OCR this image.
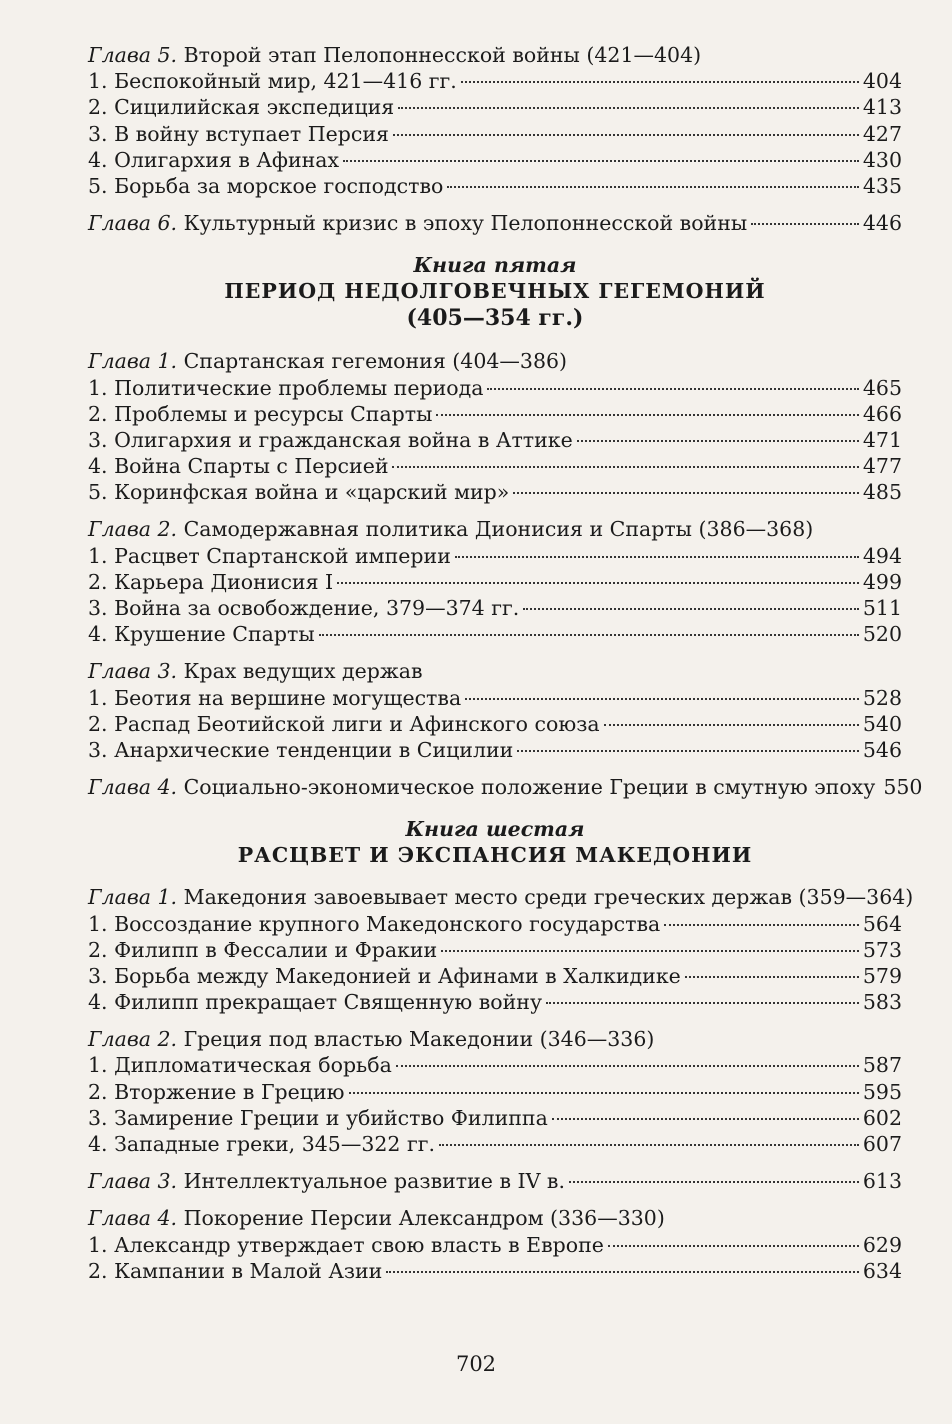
Глава 5. Второй этап Пелопоннесской войны (421—404)
1. Беспокойный мир, 421—416 гг.	404
2. Сицилийская экспедиция	413
3. В войну вступает Персия	427
4. Олигархия в Афинах	430
5. Борьба за морское господство	435
Глава 6. Культурный кризис в эпоху Пелопоннесской войны	446
Книга пятая
ПЕРИОД НЕДОЛГОВЕЧНЫХ ГЕГЕМОНИЙ
(405—354 гг.)
Глава 1. Спартанская гегемония (404—386)
1. Политические проблемы периода	465
2. Проблемы и ресурсы Спарты	466
3. Олигархия и гражданская война в Аттике	471
4. Война Спарты с Персией	477
5. Коринфская война и «царский мир»	485
Глава 2. Самодержавная политика Дионисия и Спарты (386—368)
1. Расцвет Спартанской империи	494
2. Карьера Дионисия I	499
3. Война за освобождение, 379—374 гг.	511
4. Крушение Спарты	520
Глава 3. Крах ведущих держав
1. Беотия на вершине могущества	528
2. Распад Беотийской лиги и Афинского союза	540
3. Анархические тенденции в Сицилии	546
Глава 4. Социально-экономическое положение Греции в смутную эпоху 550
Книга шестая
РАСЦВЕТ И ЭКСПАНСИЯ МАКЕДОНИИ
Глава 1. Македония завоевывает место среди греческих держав (359—364)
1. Воссоздание крупного Македонского государства	564
2. Филипп в Фессалии и Фракии	573
3. Борьба между Македонией и Афинами в Халкидике	579
4. Филипп прекращает Священную войну	583
Глава 2. Греция под властью Македонии (346—336)
1. Дипломатическая борьба	587
2. Вторжение в Грецию	595
3. Замирение Греции и убийство Филиппа	602
4. Западные греки, 345—322 гг.	607
Глава 3. Интеллектуальное развитие в IV в.	613
Глава 4. Покорение Персии Александром (336—330)
1. Александр утверждает свою власть в Европе	629
2. Кампании в Малой Азии	634
702
